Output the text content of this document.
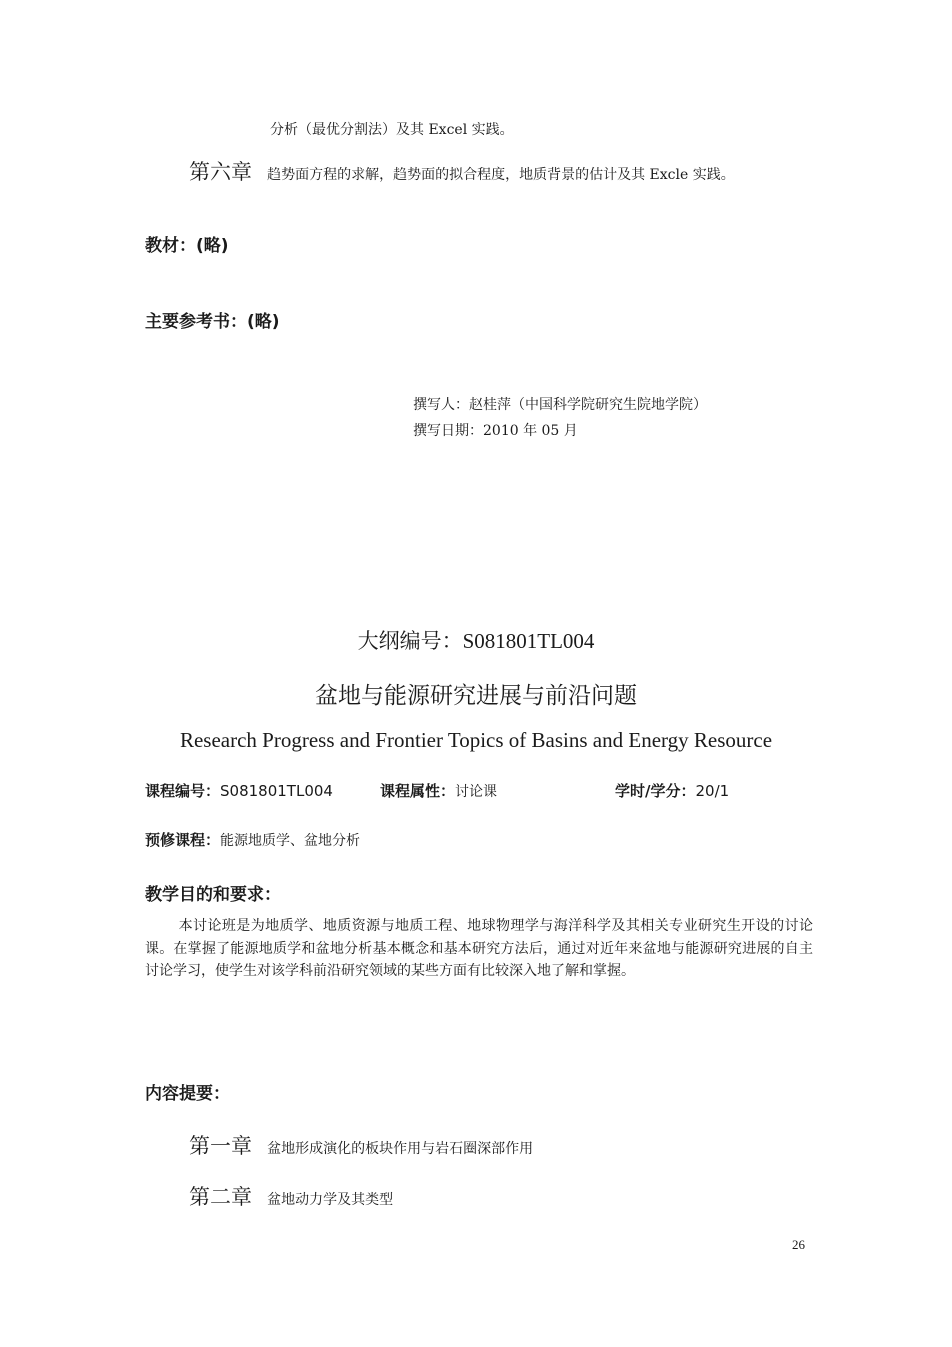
分析（最优分割法）及其 Excel 实践。
第六章 趋势面方程的求解，趋势面的拟合程度，地质背景的估计及其 Excle 实践。
教材：(略)
主要参考书：(略)
撰写人：赵桂萍（中国科学院研究生院地学院）
撰写日期：2010 年 05 月
大纲编号：S081801TL004
盆地与能源研究进展与前沿问题
Research Progress and Frontier Topics of Basins and Energy Resource
课程编号：S081801TL004	课程属性：讨论课	学时/学分：20/1
预修课程：能源地质学、盆地分析
教学目的和要求：
本讨论班是为地质学、地质资源与地质工程、地球物理学与海洋科学及其相关专业研究生开设的讨论课。在掌握了能源地质学和盆地分析基本概念和基本研究方法后，通过对近年来盆地与能源研究进展的自主讨论学习，使学生对该学科前沿研究领域的某些方面有比较深入地了解和掌握。
内容提要：
第一章 盆地形成演化的板块作用与岩石圈深部作用
第二章 盆地动力学及其类型
26
